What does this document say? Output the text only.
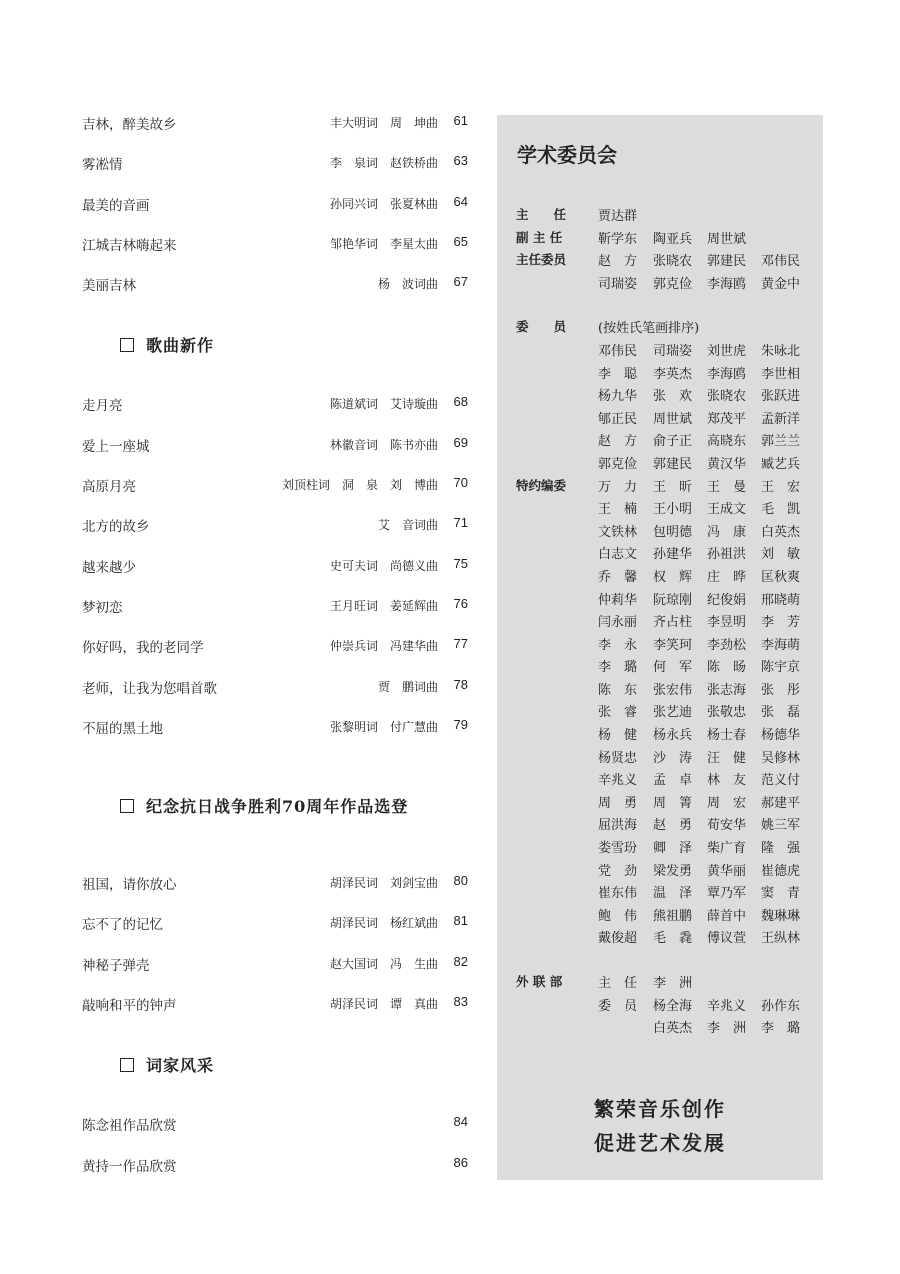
吉林，醉美故乡	丰大明词　周　坤曲 61
雾凇情	李　泉词　赵铁桥曲 63
最美的音画	孙同兴词　张夏林曲 64
江城吉林嗨起来	邹艳华词　李星太曲 65
美丽吉林	杨　波词曲 67
歌曲新作
走月亮	陈道斌词　艾诗璇曲 68
爱上一座城	林徽音词　陈书亦曲 69
高原月亮	刘顶柱词　洞　泉　刘　博曲 70
北方的故乡	艾　音词曲 71
越来越少	史可夫词　尚德义曲 75
梦初恋	王月旺词　姜延辉曲 76
你好吗，我的老同学	仲崇兵词　冯建华曲 77
老师，让我为您唱首歌	贾　鹏词曲 78
不屈的黑土地	张黎明词　付广慧曲 79
纪念抗日战争胜利70周年作品选登
祖国，请你放心	胡泽民词　刘剑宝曲 80
忘不了的记忆	胡泽民词　杨红斌曲 81
神秘子弹壳	赵大国词　冯　生曲 82
敲响和平的钟声	胡泽民词　谭　真曲 83
词家风采
陈念祖作品欣赏	84
黄持一作品欣赏	86
学术委员会
主　　任 贾达群
副 主 任	靳学东 陶亚兵 周世斌
主任委员 赵　方 张晓农 郭建民 邓伟民
司瑞姿 郭克俭 李海鸥 黄金中
委　　员 (按姓氏笔画排序)
邓伟民 司瑞姿 刘世虎 朱咏北
李　聪 李英杰 李海鸥 李世相
杨九华 张　欢 张晓农 张跃进
郇正民 周世斌 郑茂平 孟新洋
赵　方 俞子正 高晓东 郭兰兰
郭克俭 郭建民 黄汉华 臧艺兵
特约编委 万　力 王　昕 王　曼 王　宏
王　楠 王小明 王成文 毛　凯
文铁林 包明德 冯　康 白英杰
白志文 孙建华 孙祖洪 刘　敏
乔　馨 权　辉 庄　晔 匡秋爽
仲莉华 阮琼刚 纪俊娟 邢晓萌
闫永丽 齐占柱 李昱明 李　芳
李　永 李笑珂 李劲松 李海萌
李　璐 何　军 陈　旸 陈宇京
陈　东 张宏伟 张志海 张　彤
张　睿 张艺迪 张敬忠 张　磊
杨　健 杨永兵 杨士春 杨德华
杨贤忠 沙　涛 汪　健 吴修林
辛兆义 孟　卓 林　友 范义付
周　勇 周　箐 周　宏 郝建平
屈洪海 赵　勇 荀安华 姚三军
娄雪玢 卿　泽 柴广育 隆　强
党　劲 梁发勇 黄华丽 崔德虎
崔东伟 温　泽 覃乃军 窦　青
鲍　伟 熊祖鹏 薛首中 魏琳琳
戴俊超 毛　毳 傅议萱 王纵林
外 联 部	主　任 李　洲
委　员 杨全海 辛兆义 孙作东
白英杰 李　洲 李　璐
繁荣音乐创作
促进艺术发展
